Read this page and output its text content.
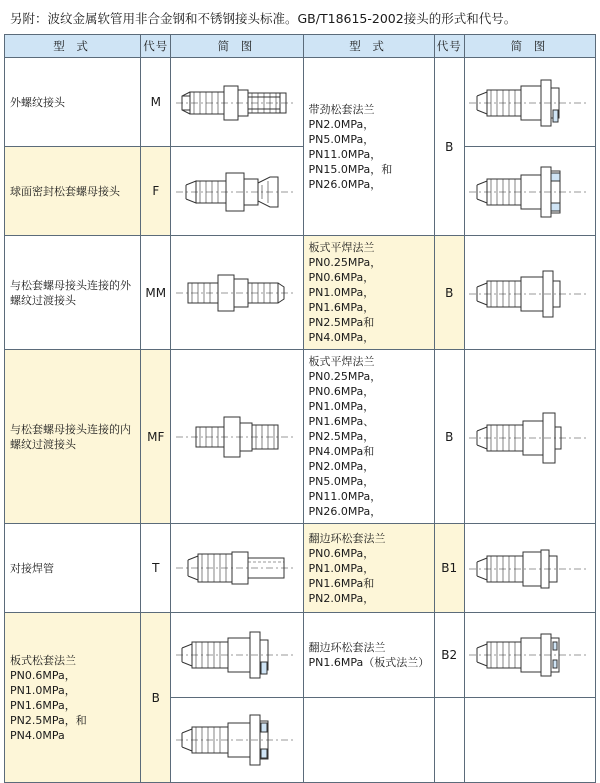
另附：波纹金属软管用非合金钢和不锈钢接头标准。GB/T18615-2002接头的形式和代号。
型 式	代号	简 图	型 式	代号	简 图

外螺纹接头	M		带劲松套法兰 PN2.0MPa，PN5.0MPa，PN11.0MPa，PN15.0MPa，和 PN26.0MPa，	B	

球面密封松套螺母接头	F	

与松套螺母接头连接的外螺纹过渡接头	MM		板式平焊法兰 PN0.25MPa，PN0.6MPa，PN1.0MPa，PN1.6MPa，PN2.5MPa和PN4.0MPa，	B	

与松套螺母接头连接的内螺纹过渡接头	MF		板式平焊法兰 PN0.25MPa，PN0.6MPa，PN1.0MPa，PN1.6MPa、PN2.5MPa，PN4.0MPa和PN2.0MPa，PN5.0MPa，PN11.0MPa，PN26.0MPa，	B	

对接焊管	T		翻边环松套法兰 PN0.6MPa，PN1.0MPa，PN1.6MPa和PN2.0MPa，	B1	

板式松套法兰 PN0.6MPa，PN1.0MPa，PN1.6MPa，PN2.5MPa，和PN4.0MPa	B		翻边环松套法兰 PN1.6MPa（板式法兰）	B2	
